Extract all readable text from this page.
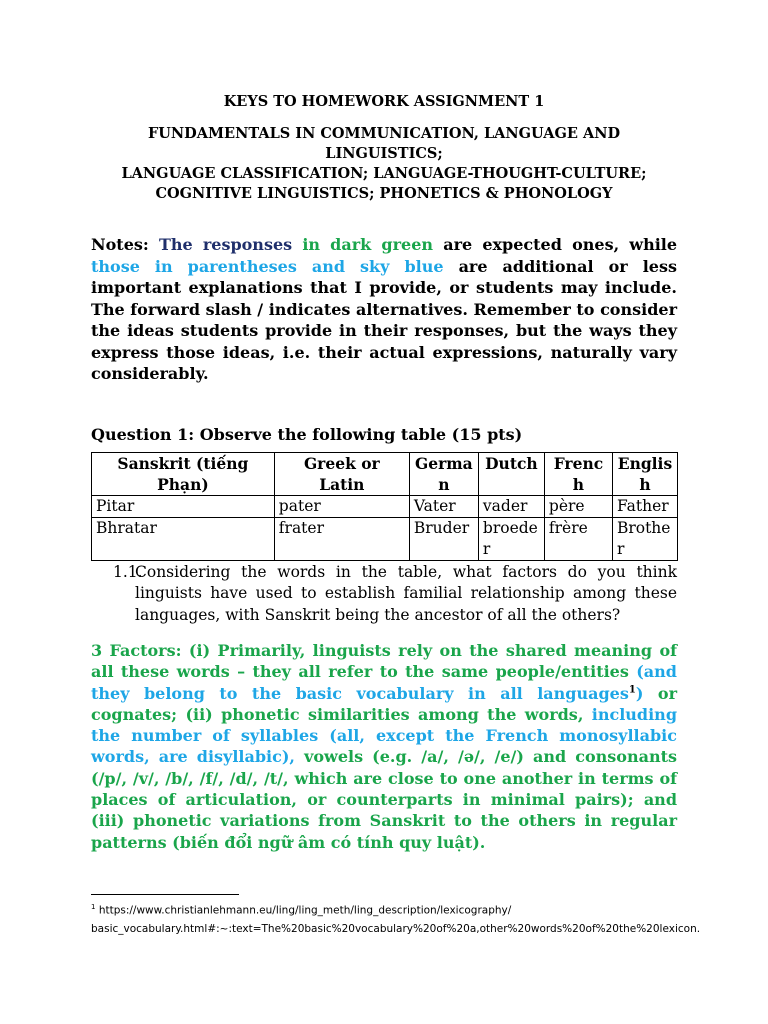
KEYS TO HOMEWORK ASSIGNMENT 1
FUNDAMENTALS IN COMMUNICATION, LANGUAGE AND
LINGUISTICS;
LANGUAGE CLASSIFICATION; LANGUAGE-THOUGHT-CULTURE;
COGNITIVE LINGUISTICS; PHONETICS & PHONOLOGY
Notes: The responses in dark green are expected ones, while those in parentheses and sky blue are additional or less important explanations that I provide, or students may include. The forward slash / indicates alternatives. Remember to consider the ideas students provide in their responses, but the ways they express those ideas, i.e. their actual expressions, naturally vary considerably.
Question 1: Observe the following table (15 pts)
Sanskrit (tiếng Phạn)	Greek or Latin	German	Dutch	French	English
Pitar	pater	Vater	vader	père	Father
Bhratar	frater	Bruder	broeder	frère	Brother
1.1.
Considering the words in the table, what factors do you think linguists have used to establish familial relationship among these languages, with Sanskrit being the ancestor of all the others?
3 Factors: (i) Primarily, linguists rely on the shared meaning of all these words – they all refer to the same people/entities (and they belong to the basic vocabulary in all languages$^1$) or cognates; (ii) phonetic similarities among the words, including the number of syllables (all, except the French monosyllabic words, are disyllabic), vowels (e.g. /a/, /ə/, /e/) and consonants (/p/, /v/, /b/, /f/, /d/, /t/, which are close to one another in terms of places of articulation, or counterparts in minimal pairs); and (iii) phonetic variations from Sanskrit to the others in regular patterns (biến đổi ngữ âm có tính quy luật).
$^1$ https://www.christianlehmann.eu/ling/ling_meth/ling_description/lexicography/
basic_vocabulary.html#:~:text=The%20basic%20vocabulary%20of%20a,other%20words%20of%20the%20lexicon.
